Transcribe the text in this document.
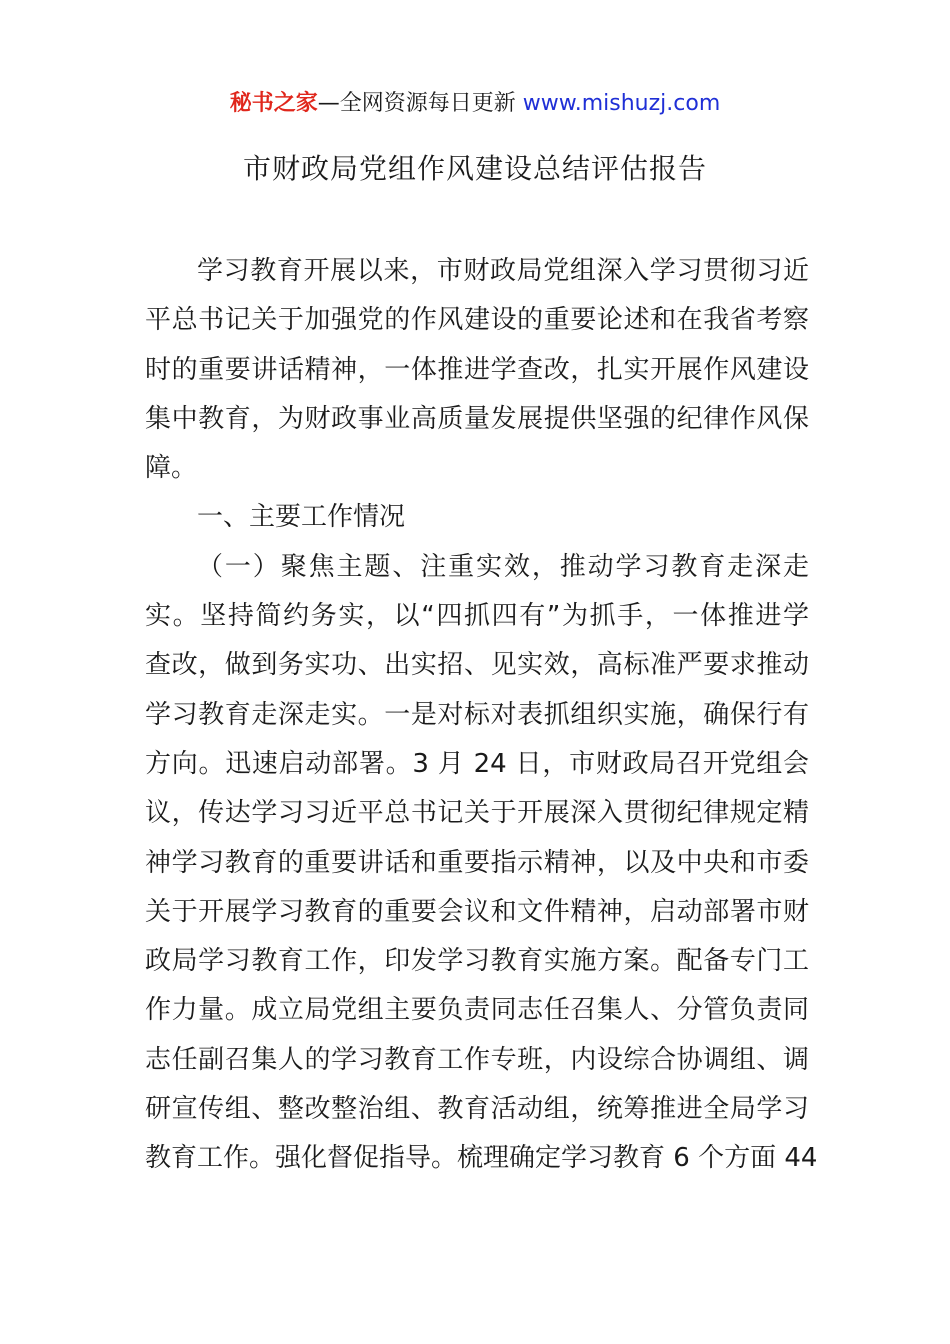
秘书之家—全网资源每日更新 www.mishuzj.com
市财政局党组作风建设总结评估报告
学习教育开展以来，市财政局党组深入学习贯彻习近
平总书记关于加强党的作风建设的重要论述和在我省考察
时的重要讲话精神，一体推进学查改，扎实开展作风建设
集中教育，为财政事业高质量发展提供坚强的纪律作风保
障。
一、主要工作情况
（一）聚焦主题、注重实效，推动学习教育走深走
实。坚持简约务实，以“四抓四有”为抓手，一体推进学
查改，做到务实功、出实招、见实效，高标准严要求推动
学习教育走深走实。一是对标对表抓组织实施，确保行有
方向。迅速启动部署。3 月 24 日，市财政局召开党组会
议，传达学习习近平总书记关于开展深入贯彻纪律规定精
神学习教育的重要讲话和重要指示精神，以及中央和市委
关于开展学习教育的重要会议和文件精神，启动部署市财
政局学习教育工作，印发学习教育实施方案。配备专门工
作力量。成立局党组主要负责同志任召集人、分管负责同
志任副召集人的学习教育工作专班，内设综合协调组、调
研宣传组、整改整治组、教育活动组，统筹推进全局学习
教育工作。强化督促指导。梳理确定学习教育 6 个方面 44
